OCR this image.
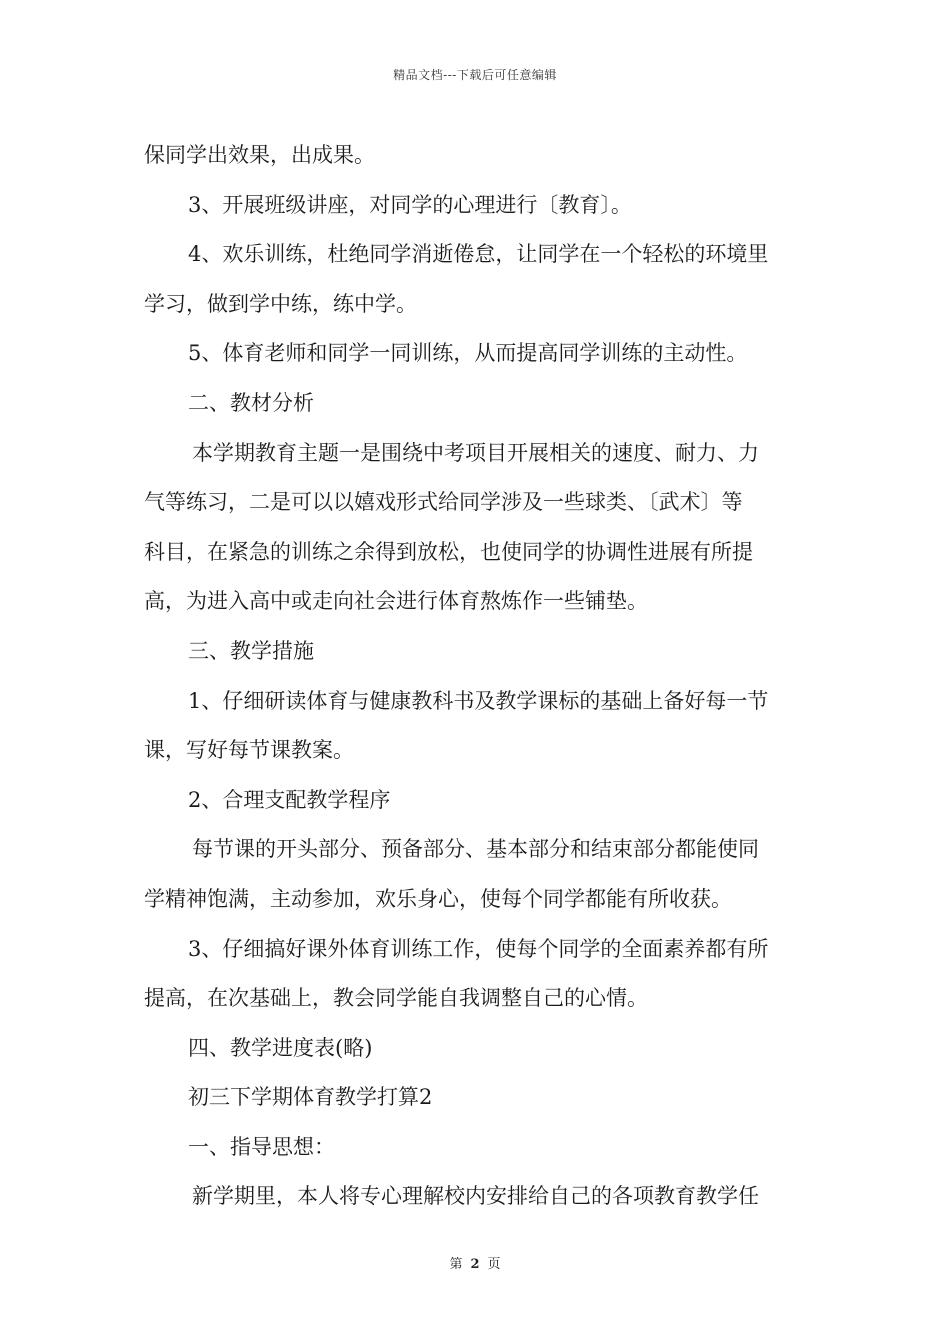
精品文档---下载后可任意编辑
保同学出效果，出成果。
3、开展班级讲座，对同学的心理进行〔教育〕。
4、欢乐训练，杜绝同学消逝倦怠，让同学在一个轻松的环境里
学习，做到学中练，练中学。
5、体育老师和同学一同训练，从而提高同学训练的主动性。
二、教材分析
本学期教育主题一是围绕中考项目开展相关的速度、耐力、力
气等练习，二是可以以嬉戏形式给同学涉及一些球类、〔武术〕等
科目，在紧急的训练之余得到放松，也使同学的协调性进展有所提
高，为进入高中或走向社会进行体育熬炼作一些铺垫。
三、教学措施
1、仔细研读体育与健康教科书及教学课标的基础上备好每一节
课，写好每节课教案。
2、合理支配教学程序
每节课的开头部分、预备部分、基本部分和结束部分都能使同
学精神饱满，主动参加，欢乐身心，使每个同学都能有所收获。
3、仔细搞好课外体育训练工作，使每个同学的全面素养都有所
提高，在次基础上，教会同学能自我调整自己的心情。
四、教学进度表(略)
初三下学期体育教学打算2
一、指导思想：
新学期里，本人将专心理解校内安排给自己的各项教育教学任
第 2 页
